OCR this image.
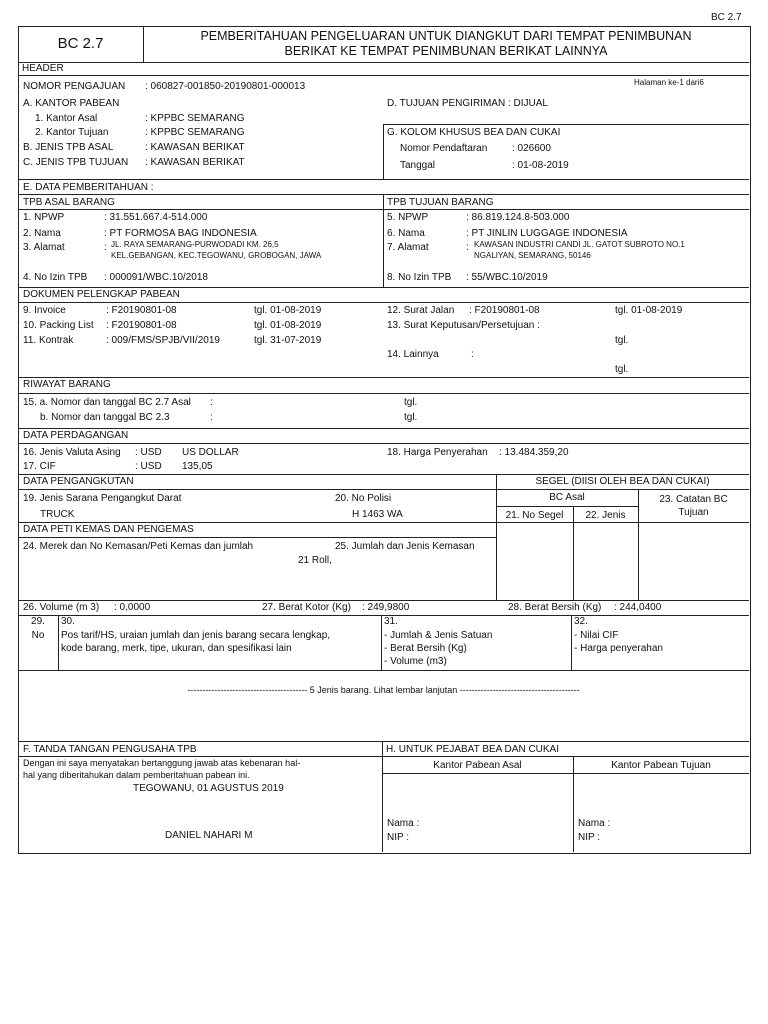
BC 2.7
BC 2.7	PEMBERITAHUAN PENGELUARAN UNTUK DIANGKUT DARI TEMPAT PENIMBUNAN
BERIKAT KE TEMPAT PENIMBUNAN BERIKAT LAINNYA
HEADER
NOMOR PENGAJUAN : 060827-001850-20190801-000013	Halaman ke-1 dari6
A. KANTOR PABEAN	D. TUJUAN PENGIRIMAN : DIJUAL
1. Kantor Asal	: KPPBC SEMARANG
2. Kantor Tujuan	: KPPBC SEMARANG	G. KOLOM KHUSUS BEA DAN CUKAI
B. JENIS TPB ASAL	: KAWASAN BERIKAT	Nomor Pendaftaran : 026600
C. JENIS TPB TUJUAN : KAWASAN BERIKAT	Tanggal	: 01-08-2019
E. DATA PEMBERITAHUAN :
TPB ASAL BARANG	TPB TUJUAN BARANG
1. NPWP	: 31.551.667.4-514.000
2. Nama	: PT FORMOSA BAG INDONESIA
3. Alamat	: JL. RAYA SEMARANG-PURWODADI KM. 26,5
KEL.GEBANGAN, KEC.TEGOWANU, GROBOGAN, JAWA
4. No Izin TPB : 000091/WBC.10/2018
5. NPWP	: 86.819.124.8-503.000
6. Nama	: PT JINLIN LUGGAGE INDONESIA
7. Alamat	: KAWASAN INDUSTRI CANDI JL. GATOT SUBROTO NO.1
NGALIYAN, SEMARANG, 50146
8. No Izin TPB : 55/WBC.10/2019
DOKUMEN PELENGKAP PABEAN
9. Invoice	: F20190801-08	tgl. 01-08-2019
10. Packing List : F20190801-08	tgl. 01-08-2019
11. Kontrak	: 009/FMS/SPJB/VII/2019	tgl. 31-07-2019
12. Surat Jalan : F20190801-08	tgl. 01-08-2019
13. Surat Keputusan/Persetujuan :
tgl.
14. Lainnya	:
tgl.
RIWAYAT BARANG
15. a. Nomor dan tanggal BC 2.7 Asal :	tgl.
b. Nomor dan tanggal BC 2.3	:	tgl.
DATA PERDAGANGAN
16. Jenis Valuta Asing : USD US DOLLAR
17. CIF	: USD 135,05
18. Harga Penyerahan : 13.484.359,20
DATA PENGANGKUTAN	SEGEL (DIISI OLEH BEA DAN CUKAI)
19. Jenis Sarana Pengangkut Darat
TRUCK
20. No Polisi
H 1463 WA
BC Asal	23. Catatan BC
Tujuan
21. No Segel	22. Jenis
DATA PETI KEMAS DAN PENGEMAS
24. Merek dan No Kemasan/Peti Kemas dan jumlah	25. Jumlah dan Jenis Kemasan
21 Roll,
26. Volume (m 3) : 0,0000	27. Berat Kotor (Kg) : 249,9800	28. Berat Bersih (Kg) : 244,0400
29.
No
30.
Pos tarif/HS, uraian jumlah dan jenis barang secara lengkap,
kode barang, merk, tipe, ukuran, dan spesifikasi lain
31.
- Jumlah & Jenis Satuan
- Berat Bersih (Kg)
- Volume (m3)
32.
- Nilai CIF
- Harga penyerahan
---------------------------------------- 5 Jenis barang. Lihat lembar lanjutan ----------------------------------------
F. TANDA TANGAN PENGUSAHA TPB	H. UNTUK PEJABAT BEA DAN CUKAI
Dengan ini saya menyatakan bertanggung jawab atas kebenaran hal-
hal yang diberitahukan dalam pemberitahuan pabean ini.
TEGOWANU, 01 AGUSTUS 2019
DANIEL NAHARI M
Kantor Pabean Asal	Kantor Pabean Tujuan
Nama :
NIP :
Nama :
NIP :
